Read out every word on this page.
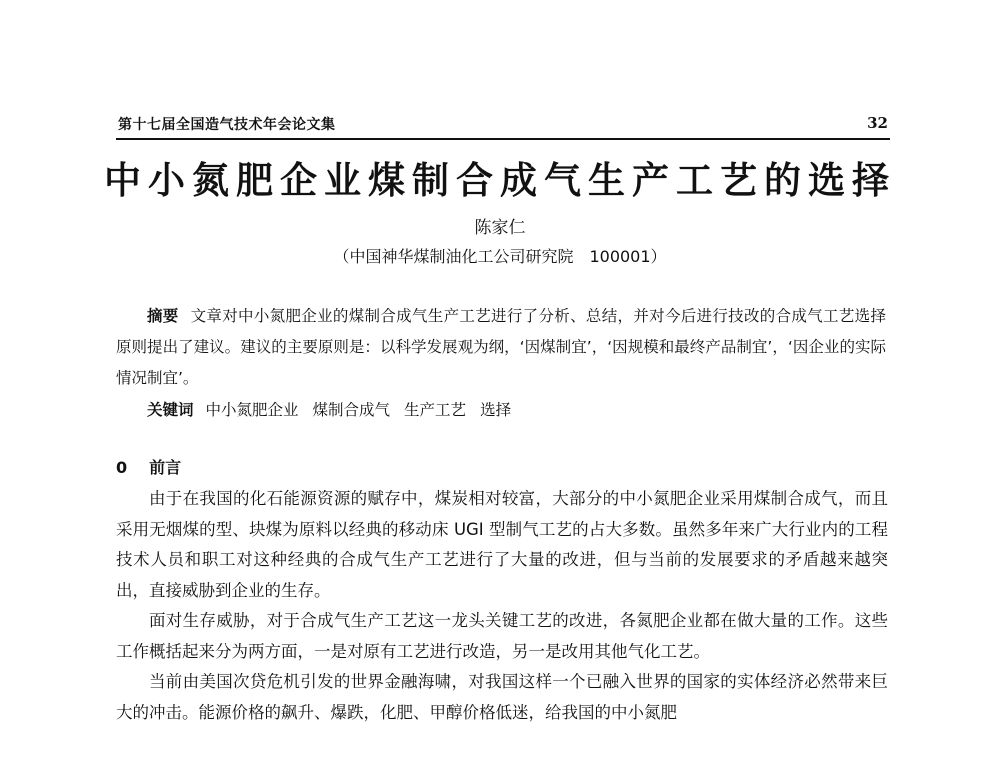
第十七届全国造气技术年会论文集	32
中小氮肥企业煤制合成气生产工艺的选择
陈家仁
（中国神华煤制油化工公司研究院　100001）
摘要 文章对中小氮肥企业的煤制合成气生产工艺进行了分析、总结，并对今后进行技改的合成气工艺选择原则提出了建议。建议的主要原则是：以科学发展观为纲，‘因煤制宜’，‘因规模和最终产品制宜’，‘因企业的实际情况制宜’。
关键词 中小氮肥企业 煤制合成气 生产工艺 选择
0 前言

由于在我国的化石能源资源的赋存中，煤炭相对较富，大部分的中小氮肥企业采用煤制合成气，而且采用无烟煤的型、块煤为原料以经典的移动床 UGI 型制气工艺的占大多数。虽然多年来广大行业内的工程技术人员和职工对这种经典的合成气生产工艺进行了大量的改进，但与当前的发展要求的矛盾越来越突出，直接威胁到企业的生存。

面对生存威胁，对于合成气生产工艺这一龙头关键工艺的改进，各氮肥企业都在做大量的工作。这些工作概括起来分为两方面，一是对原有工艺进行改造，另一是改用其他气化工艺。

当前由美国次贷危机引发的世界金融海啸，对我国这样一个已融入世界的国家的实体经济必然带来巨大的冲击。能源价格的飙升、爆跌，化肥、甲醇价格低迷，给我国的中小氮肥
